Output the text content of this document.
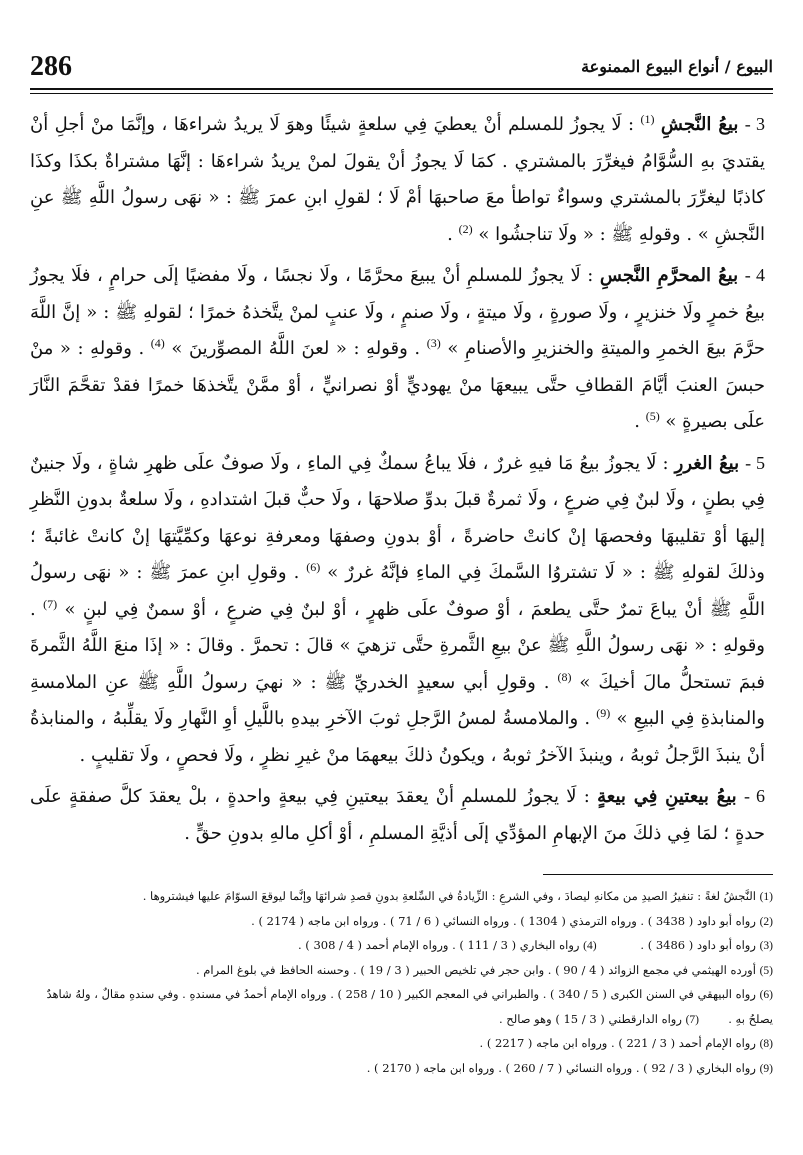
286	البيوع / أنواع البيوع الممنوعة

3 - بيعُ النَّجشِ $^{(1)}$ : لَا يجوزُ للمسلم أنْ يعطيَ فِي سلعةٍ شيئًا وهوَ لَا يريدُ شراءهَا ، وإنَّمَا منْ أجلِ أنْ يقتديَ بهِ السُّوَّامُ فيغرِّرَ بالمشتري . كمَا لَا يجوزُ أنْ يقولَ لمنْ يريدُ شراءهَا : إنَّهَا مشتراةٌ بكذَا وكذَا كاذبًا ليغرِّرَ بالمشتري وسواءٌ تواطأ معَ صاحبهَا أمْ لَا ؛ لقولِ ابنِ عمرَ ﷺ : « نهَى رسولُ اللَّهِ ﷺ عنِ النَّجشِ » . وقولهِ ﷺ : « ولَا تناجشُوا » $^{(2)}$ .

4 - بيعُ المحرَّمِ النَّجسِ : لَا يجوزُ للمسلمِ أنْ يبيعَ محرَّمًا ، ولَا نجسًا ، ولَا مفضيًا إلَى حرامٍ ، فلَا يجوزُ بيعُ خمرٍ ولَا خنزيرٍ ، ولَا صورةٍ ، ولَا ميتةٍ ، ولَا صنمٍ ، ولَا عنبٍ لمنْ يتَّخذهُ خمرًا ؛ لقولهِ ﷺ : « إنَّ اللَّهَ حرَّمَ بيعَ الخمرِ والميتةِ والخنزيرِ والأصنامِ » $^{(3)}$ . وقولهِ : « لعنَ اللَّهُ المصوِّرينَ » $^{(4)}$ . وقولهِ : « منْ حبسَ العنبَ أيَّامَ القطافِ حتَّى يبيعهَا منْ يهوديٍّ أوْ نصرانيٍّ ، أوْ ممَّنْ يتَّخذهَا خمرًا فقدْ تقحَّمَ النَّارَ علَى بصيرةٍ » $^{(5)}$ .

5 - بيعُ الغررِ : لَا يجوزُ بيعُ مَا فيهِ غررٌ ، فلَا يباعُ سمكٌ فِي الماءِ ، ولَا صوفٌ علَى ظهرِ شاةٍ ، ولَا جنينٌ فِي بطنٍ ، ولَا لبنٌ فِي ضرعٍ ، ولَا ثمرةٌ قبلَ بدوِّ صلاحهَا ، ولَا حبٌّ قبلَ اشتدادهِ ، ولَا سلعةٌ بدونِ النَّظرِ إليهَا أوْ تقليبهَا وفحصهَا إنْ كانتْ حاضرةً ، أوْ بدونِ وصفهَا ومعرفةِ نوعهَا وكمِّيَّتهَا إنْ كانتْ غائبةً ؛ وذلكَ لقولهِ ﷺ : « لَا تشتروُا السَّمكَ فِي الماءِ فإنَّهُ غررٌ » $^{(6)}$ . وقولِ ابنِ عمرَ ﷺ : « نهَى رسولُ اللَّهِ ﷺ أنْ يباعَ تمرٌ حتَّى يطعمَ ، أوْ صوفٌ علَى ظهرٍ ، أوْ لبنٌ فِي ضرعٍ ، أوْ سمنٌ فِي لبنٍ » $^{(7)}$ . وقولهِ : « نهَى رسولُ اللَّهِ ﷺ عنْ بيعِ الثَّمرةِ حتَّى تزهيَ » قالَ : تحمرَّ . وقالَ : « إذَا منعَ اللَّهُ الثَّمرةَ فبمَ تستحلُّ مالَ أخيكَ » $^{(8)}$ . وقولِ أبي سعيدٍ الخدريِّ ﷺ : « نهيَ رسولُ اللَّهِ ﷺ عنِ الملامسةِ والمنابذةِ فِي البيعِ » $^{(9)}$ . والملامسةُ لمسُ الرَّجلِ ثوبَ الآخرِ بيدهِ باللَّيلِ أوِ النَّهارِ ولَا يقلِّبهُ ، والمنابذةُ أنْ ينبذَ الرَّجلُ ثوبهُ ، وينبذَ الآخرُ ثوبهُ ، ويكونُ ذلكَ بيعهمَا منْ غيرِ نظرٍ ، ولَا فحصٍ ، ولَا تقليبٍ .

6 - بيعُ بيعتينِ فِي بيعةٍ : لَا يجوزُ للمسلمِ أنْ يعقدَ بيعتينِ فِي بيعةٍ واحدةٍ ، بلْ يعقدَ كلَّ صفقةٍ علَى حدةٍ ؛ لمَا فِي ذلكَ منَ الإبهامِ المؤدِّي إلَى أذيَّةِ المسلمِ ، أوْ أكلِ مالهِ بدونِ حقٍّ .

(1) النَّجشُ لغةً : تنفيرُ الصيدِ من مكانهِ ليصادَ ، وفي الشرعِ : الزِّيادةُ في السِّلعةِ بدونِ قصدِ شرائهَا وإنَّما ليوقعَ السوّامَ عليها فيشتروها .

(2) رواه أبو داود ( 3438 ) . ورواه الترمذي ( 1304 ) . ورواه النسائي ( 6 / 71 ) . ورواه ابن ماجه ( 2174 ) .

(3) رواه أبو داود ( 3486 ) .            (4) رواه البخاري ( 3 / 111 ) . ورواه الإمام أحمد ( 4 / 308 ) .

(5) أورده الهيثمي في مجمع الزوائد ( 4 / 90 ) . وابن حجر في تلخيص الحبير ( 3 / 19 ) . وحسنه الحافظ في بلوغ المرام .

(6) رواه البيهقي في السنن الكبرى ( 5 / 340 ) . والطبراني في المعجم الكبير ( 10 / 258 ) . ورواه الإمام أحمدُ في مسندهِ . وفي سندهِ مقالٌ ، ولهُ شاهدٌ يصلحُ بهِ .        (7) رواه الدارقطني ( 3 / 15 ) وهو صالح .

(8) رواه الإمام أحمد ( 3 / 221 ) . ورواه ابن ماجه ( 2217 ) .

(9) رواه البخاري ( 3 / 92 ) . ورواه النسائي ( 7 / 260 ) . ورواه ابن ماجه ( 2170 ) .
